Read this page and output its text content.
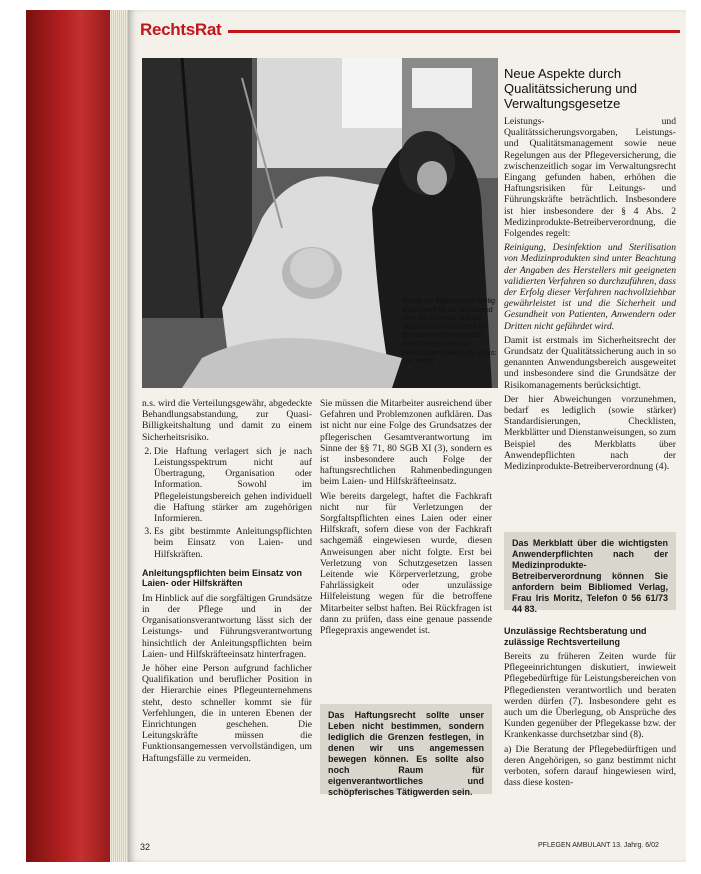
RechtsRat
Wurde die Mitarbeiterin richtig angeleitet? Ist sie umfassend über die Patientin und die Maßnahmen informiert? Im Schadensfall entscheiden diese Fragen über die Haftungsverantwortung. (Foto: I.-F. Moth)

n.s. wird die Verteilungsgewähr, abgedeckte Behandlungsabstandung, zur Quasi-Billigkeitshaltung und damit zu einem Sicherheitsrisiko.

2. Die Haftung verlagert sich je nach Leistungsspektrum nicht auf Übertragung, Organisation oder Information. Sowohl im Pflegeleistungsbereich gehen individuell die Haftung stärker am zugehörigen Informieren.
3. Es gibt bestimmte Anleitungspflichten beim Einsatz von Laien- und Hilfskräften.
Anleitungspflichten beim Einsatz von Laien- oder Hilfskräften

Im Hinblick auf die sorgfältigen Grundsätze in der Pflege und in der Organisationsverantwortung lässt sich der Leistungs- und Führungsverantwortung hinsichtlich der Anleitungspflichten beim Laien- und Hilfskräfteeinsatz hinterfragen.

Je höher eine Person aufgrund fachlicher Qualifikation und beruflicher Position in der Hierarchie eines Pflegeunternehmens steht, desto schneller kommt sie für Verfehlungen, die in unteren Ebenen der Einrichtungen geschehen. Die Leitungskräfte müssen die Funktionsangemessen vervollständigen, um Haftungsfälle zu vermeiden.

Sie müssen die Mitarbeiter ausreichend über Gefahren und Problemzonen aufklären. Das ist nicht nur eine Folge des Grundsatzes der pflegerischen Gesamtverantwortung im Sinne der §§ 71, 80 SGB XI (3), sondern es ist insbesondere auch Folge der haftungsrechtlichen Rahmenbedingungen beim Laien- und Hilfskräfteeinsatz.

Wie bereits dargelegt, haftet die Fachkraft nicht nur für Verletzungen der Sorgfaltspflichten eines Laien oder einer Hilfskraft, sofern diese von der Fachkraft sachgemäß eingewiesen wurde, diesen Anweisungen aber nicht folgte. Erst bei Verletzung von Schutzgesetzen lassen Leitende wie Körperverletzung, grobe Fahrlässigkeit oder unzulässige Hilfeleistung wegen für die betroffene Mitarbeiter selbst haften. Bei Rückfragen ist dann zu prüfen, dass eine genaue passende Pflegepraxis angewendet ist.

Das Haftungsrecht sollte unser Leben nicht bestimmen, sondern lediglich die Grenzen festlegen, in denen wir uns angemessen bewegen können. Es sollte also noch Raum für eigenverantwortliches und schöpferisches Tätigwerden sein.
Neue Aspekte durch Qualitätssicherung und Verwaltungsgesetze

Leistungs- und Qualitätssicherungsvorgaben, Leistungs- und Qualitätsmanagement sowie neue Regelungen aus der Pflegeversicherung, die zwischenzeitlich sogar im Verwaltungsrecht Eingang gefunden haben, erhöhen die Haftungsrisiken für Leitungs- und Führungskräfte beträchtlich. Insbesondere ist hier insbesondere der § 4 Abs. 2 Medizinprodukte-Betreiberverordnung, die Folgendes regelt:

Reinigung, Desinfektion und Sterilisation von Medizinprodukten sind unter Beachtung der Angaben des Herstellers mit geeigneten validierten Verfahren so durchzuführen, dass der Erfolg dieser Verfahren nachvollziehbar gewährleistet ist und die Sicherheit und Gesundheit von Patienten, Anwendern oder Dritten nicht gefährdet wird.

Damit ist erstmals im Sicherheitsrecht der Grundsatz der Qualitätssicherung auch in so genannten Anwendungsbereich ausgeweitet und insbesondere sind die Grundsätze der Risikomanagements berücksichtigt.

Der hier Abweichungen vorzunehmen, bedarf es lediglich (sowie stärker) Standardisierungen, Checklisten, Merkblätter und Dienstanweisungen, so zum Beispiel des Merkblatts über Anwendepflichten nach der Medizinprodukte-Betreiberverordnung (4).

Das Merkblatt über die wichtigsten Anwenderpflichten nach der Medizinprodukte-Betreiberverordnung können Sie anfordern beim Bibliomed Verlag, Frau Iris Moritz, Telefon 0 56 61/73 44 83.
Unzulässige Rechtsberatung und zulässige Rechtsverteilung

Bereits zu früheren Zeiten wurde für Pflegeeinrichtungen diskutiert, inwieweit Pflegebedürftige für Leistungsbereichen von Pflegediensten verantwortlich und beraten werden dürfen (7). Insbesondere geht es auch um die Überlegung, ob Ansprüche des Kunden gegenüber der Pflegekasse bzw. der Krankenkasse durchsetzbar sind (8).

a) Die Beratung der Pflegebedürftigen und deren Angehörigen, so ganz bestimmt nicht verboten, sofern darauf hingewiesen wird, dass diese kosten-

32	PFLEGEN AMBULANT 13. Jahrg. 6/02
